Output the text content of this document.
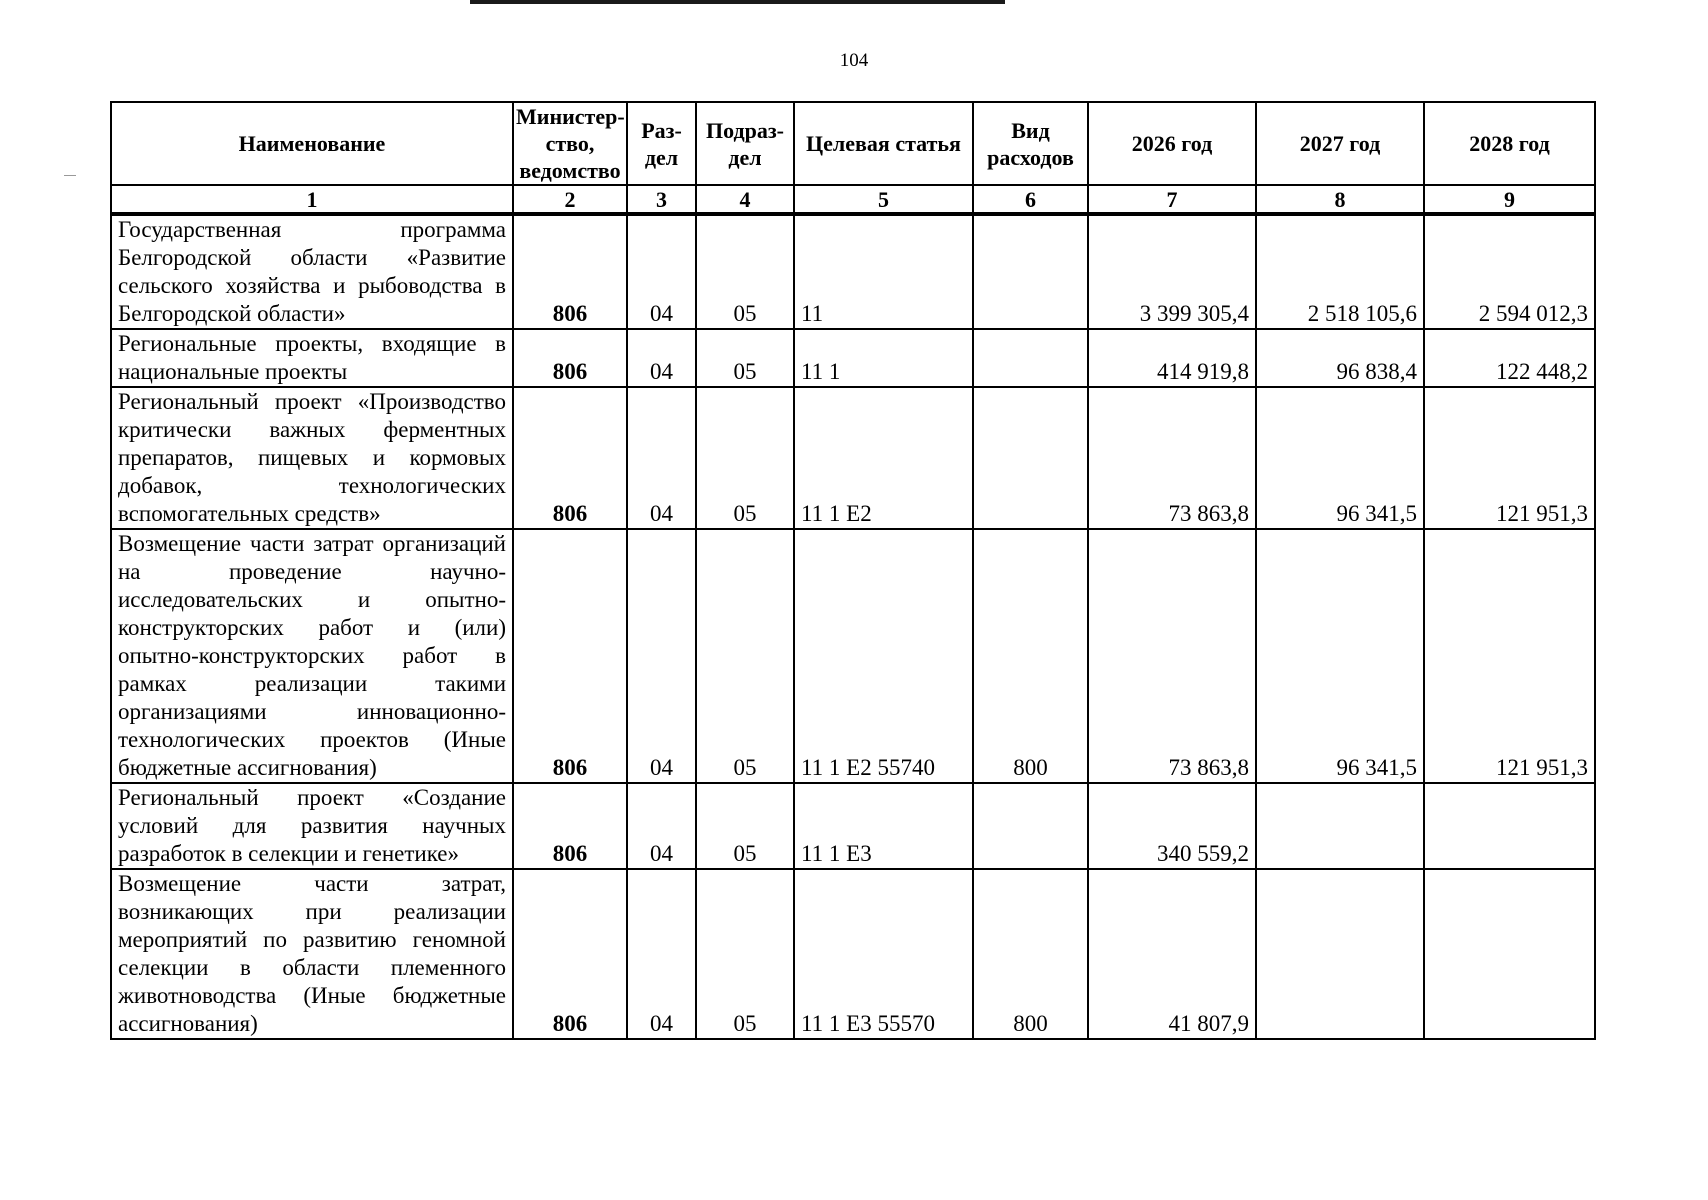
104
Наименование	Министер-ство, ведомство	Раз-дел	Подраз-дел	Целевая статья	Вид расходов	2026 год	2027 год	2028 год
1	2	3	4	5	6	7	8	9
Государственная программа Белгородской области «Развитие сельского хозяйства и рыбоводства в Белгородской области»	806	04	05	11		3 399 305,4	2 518 105,6	2 594 012,3
Региональные проекты, входящие в национальные проекты	806	04	05	11 1		414 919,8	96 838,4	122 448,2
Региональный проект «Производство критически важных ферментных препаратов, пищевых и кормовых добавок, технологических вспомогательных средств»	806	04	05	11 1 Е2		73 863,8	96 341,5	121 951,3
Возмещение части затрат организаций на проведение научно-исследовательских и опытно-конструкторских работ и (или) опытно-конструкторских работ в рамках реализации такими организациями инновационно-технологических проектов (Иные бюджетные ассигнования)	806	04	05	11 1 Е2 55740	800	73 863,8	96 341,5	121 951,3
Региональный проект «Создание условий для развития научных разработок в селекции и генетике»	806	04	05	11 1 Е3		340 559,2		
Возмещение части затрат, возникающих при реализации мероприятий по развитию геномной селекции в области племенного животноводства (Иные бюджетные ассигнования)	806	04	05	11 1 Е3 55570	800	41 807,9		
